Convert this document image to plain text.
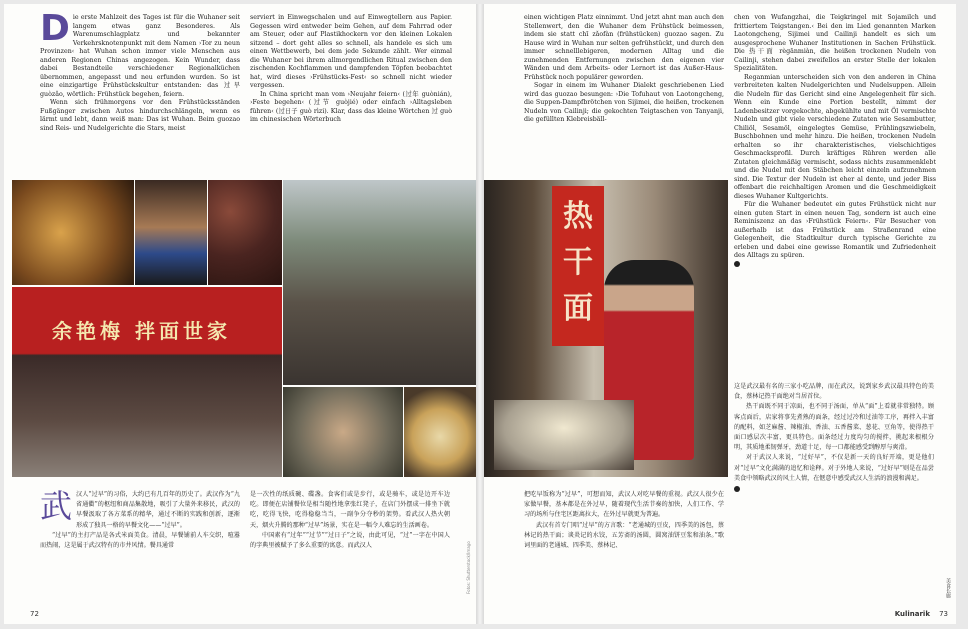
D ie erste Mahlzeit des Tages ist für die Wuhaner seit langem etwas ganz Besonderes. Als Warenumschlagplatz und bekannter Verkehrsknotenpunkt mit dem Namen ›Tor zu neun Provinzen‹ hat Wuhan schon immer viele Menschen aus anderen Regionen Chinas angezogen. Kein Wunder, dass dabei Bestandteile verschiedener Regionalküchen übernommen, angepasst und neu erfunden wurden. So ist eine einzigartige Frühstückskultur entstanden: das 过早 guòzǎo, wörtlich: Frühstück begehen, feiern.

Wenn sich frühmorgens vor den Frühstücksständen Fußgänger zwischen Autos hindurchschlängeln, wenn es lärmt und lebt, dann weiß man: Das ist Wuhan. Beim guozao sind Reis- und Nudelgerichte die Stars, meist

serviert in Einwegschalen und auf Einwegtellern aus Papier. Gegessen wird entweder beim Gehen, auf dem Fahrrad oder am Steuer, oder auf Plastikhockern vor den kleinen Lokalen sitzend – dort geht alles so schnell, als handele es sich um einen Wettbewerb, bei dem jede Sekunde zählt. Wer einmal die Wuhaner bei ihrem allmorgendlichen Ritual zwischen den zischenden Kochflammen und dampfenden Töpfen beobachtet hat, wird dieses ›Frühstücks-Fest‹ so schnell nicht wieder vergessen.

In China spricht man vom ›Neujahr feiern‹ (过年 guònián), ›Feste begehen‹ (过节 guòjié) oder einfach ›Alltagsleben führen‹ (过日子 guò rìzi). Klar, dass das kleine Wörtchen 过 guò im chinesischen Wörterbuch

余艳梅 拌面世家
武 汉人“过早”的习俗，大约已有几百年的历史了。武汉作为“九省通衢”的枢纽和商品集散地，吸引了大量外来移民，武汉的早餐汲取了各方菜系的精华，通过不断的实践和创新，逐渐形成了独具一格的早餐文化——“过早”。

“过早”的主打产品是各式米面美食。清晨，早餐铺前人车交织，喧嚣而热闹，这是属于武汉特有的市井风情。餐具通常

是一次性的纸质碗、碟盏。食客们或是步行，或是骑车，或是边开车边吃。即便在店铺餐位是相当随性地拿张红凳子，在店门外摆成一排坐下就吃，吃得飞快，吃得稳稳当当，一副争分夺秒的架势。看武汉人热火朝天，烟火升腾的那种“过早”场景，实在是一幅令人难忘的生活画卷。

中国素有“过年”“过节”“过日子”之说，由此可见，“过”一字在中国人的字典里被赋予了多么重要的寓意。而武汉人	Fotos: Shutterstock/Imago
72

einen wichtigen Platz einnimmt. Und jetzt ahnt man auch den Stellenwert, den die Wuhaner dem Frühstück beimessen, indem sie statt chī zǎofàn (frühstücken) guozao sagen. Zu Hause wird in Wuhan nur selten gefrühstückt, und durch den immer schnelllebigeren, modernen Alltag und die zunehmenden Entfernungen zwischen den eigenen vier Wänden und dem Arbeits- oder Lernort ist das Außer-Haus-Frühstück noch populärer geworden.

Sogar in einem im Wuhaner Dialekt geschriebenen Lied wird das guozao besungen: ›Die Tofuhaut von Laotongcheng, die Suppen-Dampfbrötchen von Sijimei, die heißen, trockenen Nudeln von Cailinji; die gekochten Teigtaschen von Tanyanji, die gefüllten Klebreisbäll-

chen von Wufangzhai, die Teigkringel mit Sojamilch und frittiertem Teigstangen.‹ Bei den im Lied genannten Marken Laotongcheng, Sijimei und Cailinji handelt es sich um ausgesprochene Wuhaner Institutionen in Sachen Frühstück. Die 热干面 règānmiàn, die heißen trockenen Nudeln von Cailinji, stehen dabei zweifellos an erster Stelle der lokalen Spezialitäten.

Reganmian unterscheiden sich von den anderen in China verbreiteten kalten Nudelgerichten und Nudelsuppen. Allein die Nudeln für das Gericht sind eine Angelegenheit für sich. Wenn ein Kunde eine Portion bestellt, nimmt der Ladenbesitzer vorgekochte, abgekühlte und mit Öl vermischte Nudeln und gibt viele verschiedene Zutaten wie Sesambutter, Chiliöl, Sesamöl, eingelegtes Gemüse, Frühlingszwiebeln, Buschbohnen und mehr hinzu. Die heißen, trockenen Nudeln erhalten so ihr charakteristisches, vielschichtiges Geschmacksprofil. Durch kräftiges Rühren werden alle Zutaten gleichmäßig vermischt, sodass nichts zusammenklebt und die Nudel mit den Stäbchen leicht einzeln aufzunehmen sind. Die Textur der Nudeln ist eher al dente, und jeder Biss offenbart die reichhaltigen Aromen und die Geschmeidigkeit dieses Wuhaner Kultgerichts.

Für die Wuhaner bedeutet ein gutes Frühstück nicht nur einen guten Start in einen neuen Tag, sondern ist auch eine Reminiszenz an das ›Frühstück Feiern‹. Für Besucher von außerhalb ist das Frühstück am Straßenrand eine Gelegenheit, die Stadtkultur durch typische Gerichte zu erleben und dabei eine gewisse Romantik und Zufriedenheit des Alltags zu spüren.

热干面

把吃早饭称为“过早”，可想而知，武汉人对吃早餐的重视。武汉人很少在家做早餐，基本都是在外过早，随着现代生活节奏的加快，人们工作、学习的场所与住宅区距离拉大，在外过早就更为普遍。

武汉有首专门唱“过早”的方言歌：“老通城的豆皮，四季美的汤包，蔡林记的热干面；谈炎记的水饺，五芳斋的汤圆，圆窝油饼豆浆和油条。”歌词里面的老通城、四季美、蔡林记、

这是武汉最有名的三家小吃品牌，而在武汉，说到家乡武汉最具特色的美食，蔡林记热干面绝对当居首位。

热干面既不同于凉面，也不同于汤面，单从“面”上看就非常独特。顾客点面后，店家将事先煮熟的面条，经过过冷和过油等工序，再拌入丰富的配料，如芝麻酱、辣椒油、香油、五香酱菜、葱花、豆角等，使得热干面口感层次丰富，更具特色。面条经过力度均匀的搅拌，挑起来根根分明，其质地柔韧弹牙，劲道十足，每一口都能感受到醇厚与爽滑。

对于武汉人来说，“过好早”，不仅是新一天的良好开端，更是他们对“过早”文化满满的追忆和诠释。对于外地人来说，“过好早”则是在品尝美食中领略武汉的风土人情，在惬意中感受武汉人生活的浪漫和满足。

美食长廊
Kulinarik 73
